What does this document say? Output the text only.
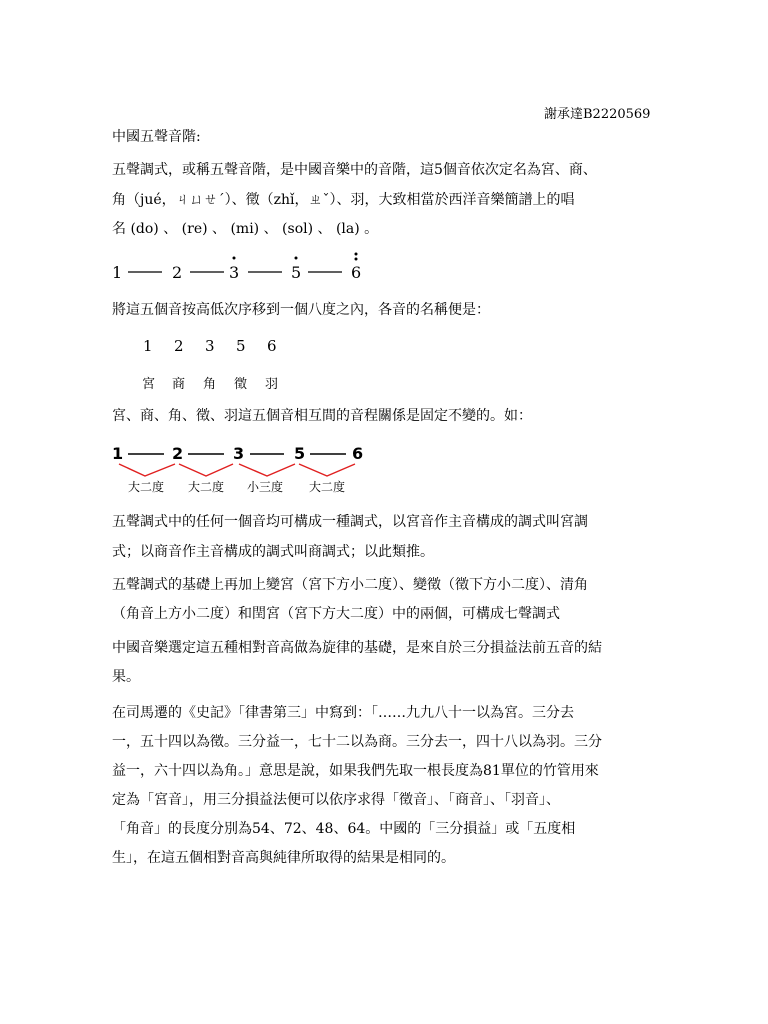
謝承達B2220569
中國五聲音階:
五聲調式，或稱五聲音階，是中國音樂中的音階，這5個音依次定名為宮、商、
角（jué，ㄐㄩㄝˊ）、徵（zhǐ，ㄓˇ）、羽，大致相當於西洋音樂簡譜上的唱
名 (do) 、 (re) 、 (mi) 、 (sol) 、 (la) 。
1	2	3	5	6
將這五個音按高低次序移到一個八度之內，各音的名稱便是：
1 2 3 5 6
宮 商 角 徵 羽
宮、商、角、徵、羽這五個音相互間的音程關係是固定不變的。如：
1	2	3	5	6
大二度 大二度 小三度 大二度
五聲調式中的任何一個音均可構成一種調式，以宮音作主音構成的調式叫宮調
式；以商音作主音構成的調式叫商調式；以此類推。
五聲調式的基礎上再加上變宮（宮下方小二度）、變徵（徵下方小二度）、清角
（角音上方小二度）和閏宮（宮下方大二度）中的兩個，可構成七聲調式
中國音樂選定這五種相對音高做為旋律的基礎，是來自於三分損益法前五音的結
果。
在司馬遷的《史記》「律書第三」中寫到：「……九九八十一以為宮。三分去
一，五十四以為徵。三分益一，七十二以為商。三分去一，四十八以為羽。三分
益一，六十四以為角。」意思是說，如果我們先取一根長度為81單位的竹管用來
定為「宮音」，用三分損益法便可以依序求得「徵音」、「商音」、「羽音」、
「角音」的長度分別為54、72、48、64。中國的「三分損益」或「五度相
生」，在這五個相對音高與純律所取得的結果是相同的。
